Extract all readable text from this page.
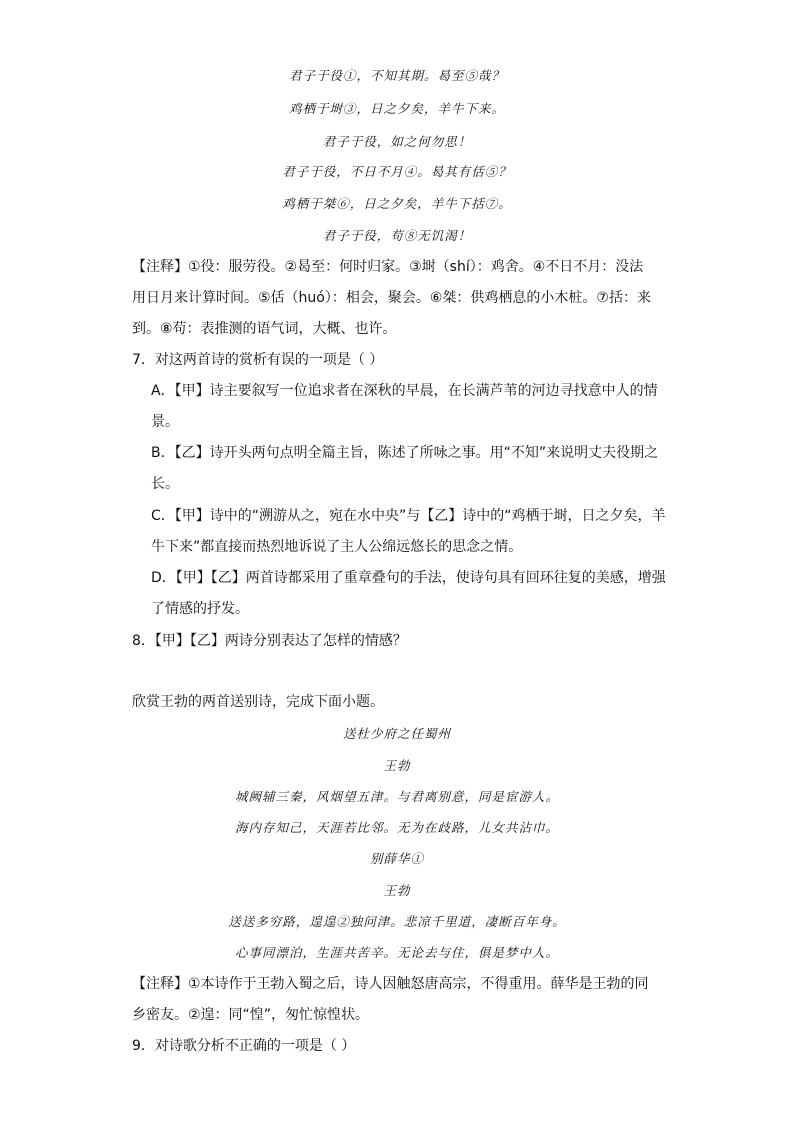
君子于役①，不知其期。曷至⑤哉？
鸡栖于埘③，日之夕矣，羊牛下来。
君子于役，如之何勿思！
君子于役，不日不月④。曷其有佸⑤？
鸡栖于桀⑥，日之夕矣，羊牛下括⑦。
君子于役，苟⑧无饥渴！
【注释】①役：服劳役。②曷至：何时归家。③埘（shí）：鸡舍。④不日不月：没法
用日月来计算时间。⑤佸（huó）：相会，聚会。⑥桀：供鸡栖息的小木桩。⑦括：来
到。⑧苟：表推测的语气词，大概、也许。
7．对这两首诗的赏析有误的一项是（ ）
A．【甲】诗主要叙写一位追求者在深秋的早晨，在长满芦苇的河边寻找意中人的情
景。
B．【乙】诗开头两句点明全篇主旨，陈述了所咏之事。用“不知”来说明丈夫役期之
长。
C．【甲】诗中的“溯游从之，宛在水中央”与【乙】诗中的“鸡栖于埘，日之夕矣，羊
牛下来”都直接而热烈地诉说了主人公绵远悠长的思念之情。
D．【甲】【乙】两首诗都采用了重章叠句的手法，使诗句具有回环往复的美感，增强
了情感的抒发。
8．【甲】【乙】两诗分别表达了怎样的情感？
欣赏王勃的两首送别诗，完成下面小题。
送杜少府之任蜀州
王勃
城阙辅三秦，风烟望五津。与君离别意，同是宦游人。
海内存知己，天涯若比邻。无为在歧路，儿女共沾巾。
别薛华①
王勃
送送多穷路，遑遑②独问津。悲凉千里道，凄断百年身。
心事同漂泊，生涯共苦辛。无论去与住，俱是梦中人。
【注释】①本诗作于王勃入蜀之后，诗人因触怒唐高宗，不得重用。薛华是王勃的同
乡密友。②遑：同“惶”，匆忙惊惶状。
9．对诗歌分析不正确的一项是（ ）
